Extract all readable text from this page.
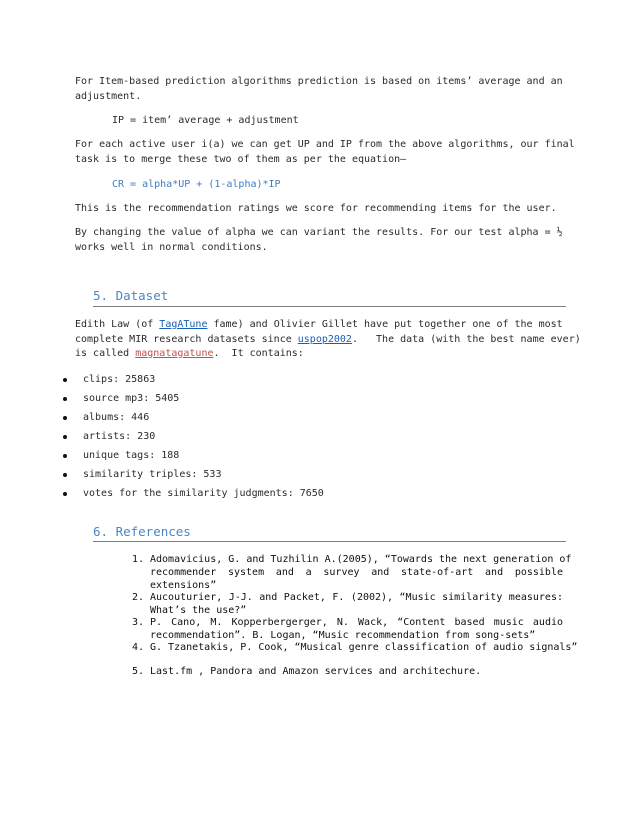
For Item-based prediction algorithms prediction is based on items’ average and an
adjustment.
IP = item’ average + adjustment
For each active user i(a) we can get UP and IP from the above algorithms, our final
task is to merge these two of them as per the equation—
CR = alpha*UP + (1-alpha)*IP
This is the recommendation ratings we score for recommending items for the user.
By changing the value of alpha we can variant the results. For our test alpha = ½
works well in normal conditions.
5. Dataset
Edith Law (of TagATune fame) and Olivier Gillet have put together one of the most
complete MIR research datasets since uspop2002.   The data (with the best name ever)
is called magnatagatune.  It contains:
clips: 25863
source mp3: 5405
albums: 446
artists: 230
unique tags: 188
similarity triples: 533
votes for the similarity judgments: 7650
6. References
1. Adomavicius, G. and Tuzhilin A.(2005), “Towards the next generation of
recommender system and a survey and state-of-art and possible
extensions”
2. Aucouturier, J-J. and Packet, F. (2002), “Music similarity measures:
What’s the use?”
3. P. Cano, M. Kopperbergerger, N. Wack, “Content based music audio
recommendation”. B. Logan, “Music recommendation from song-sets”
4. G. Tzanetakis, P. Cook, “Musical genre classification of audio signals”
5. Last.fm , Pandora and Amazon services and architechure.
